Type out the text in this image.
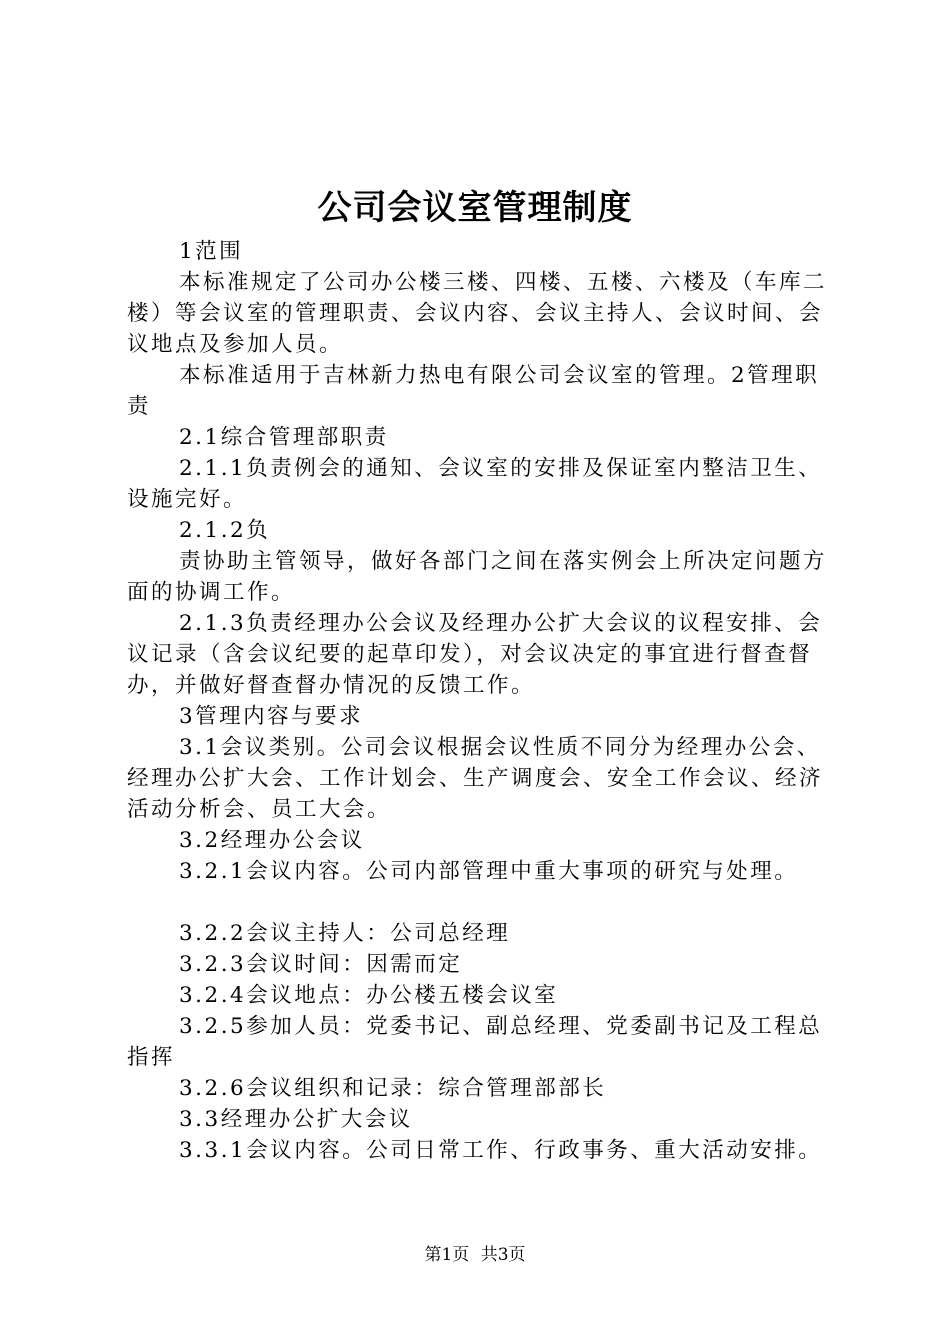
公司会议室管理制度

1范围

本标准规定了公司办公楼三楼、四楼、五楼、六楼及（车库二楼）等会议室的管理职责、会议内容、会议主持人、会议时间、会议地点及参加人员。

本标准适用于吉林新力热电有限公司会议室的管理。2管理职责

2.1综合管理部职责

2.1.1负责例会的通知、会议室的安排及保证室内整洁卫生、设施完好。

2.1.2负

责协助主管领导，做好各部门之间在落实例会上所决定问题方面的协调工作。

2.1.3负责经理办公会议及经理办公扩大会议的议程安排、会议记录（含会议纪要的起草印发），对会议决定的事宜进行督查督办，并做好督查督办情况的反馈工作。

3管理内容与要求

3.1会议类别。公司会议根据会议性质不同分为经理办公会、经理办公扩大会、工作计划会、生产调度会、安全工作会议、经济活动分析会、员工大会。

3.2经理办公会议

3.2.1会议内容。公司内部管理中重大事项的研究与处理。

3.2.2会议主持人：公司总经理

3.2.3会议时间：因需而定

3.2.4会议地点：办公楼五楼会议室

3.2.5参加人员：党委书记、副总经理、党委副书记及工程总指挥

3.2.6会议组织和记录：综合管理部部长

3.3经理办公扩大会议

3.3.1会议内容。公司日常工作、行政事务、重大活动安排。

第1页 共3页
